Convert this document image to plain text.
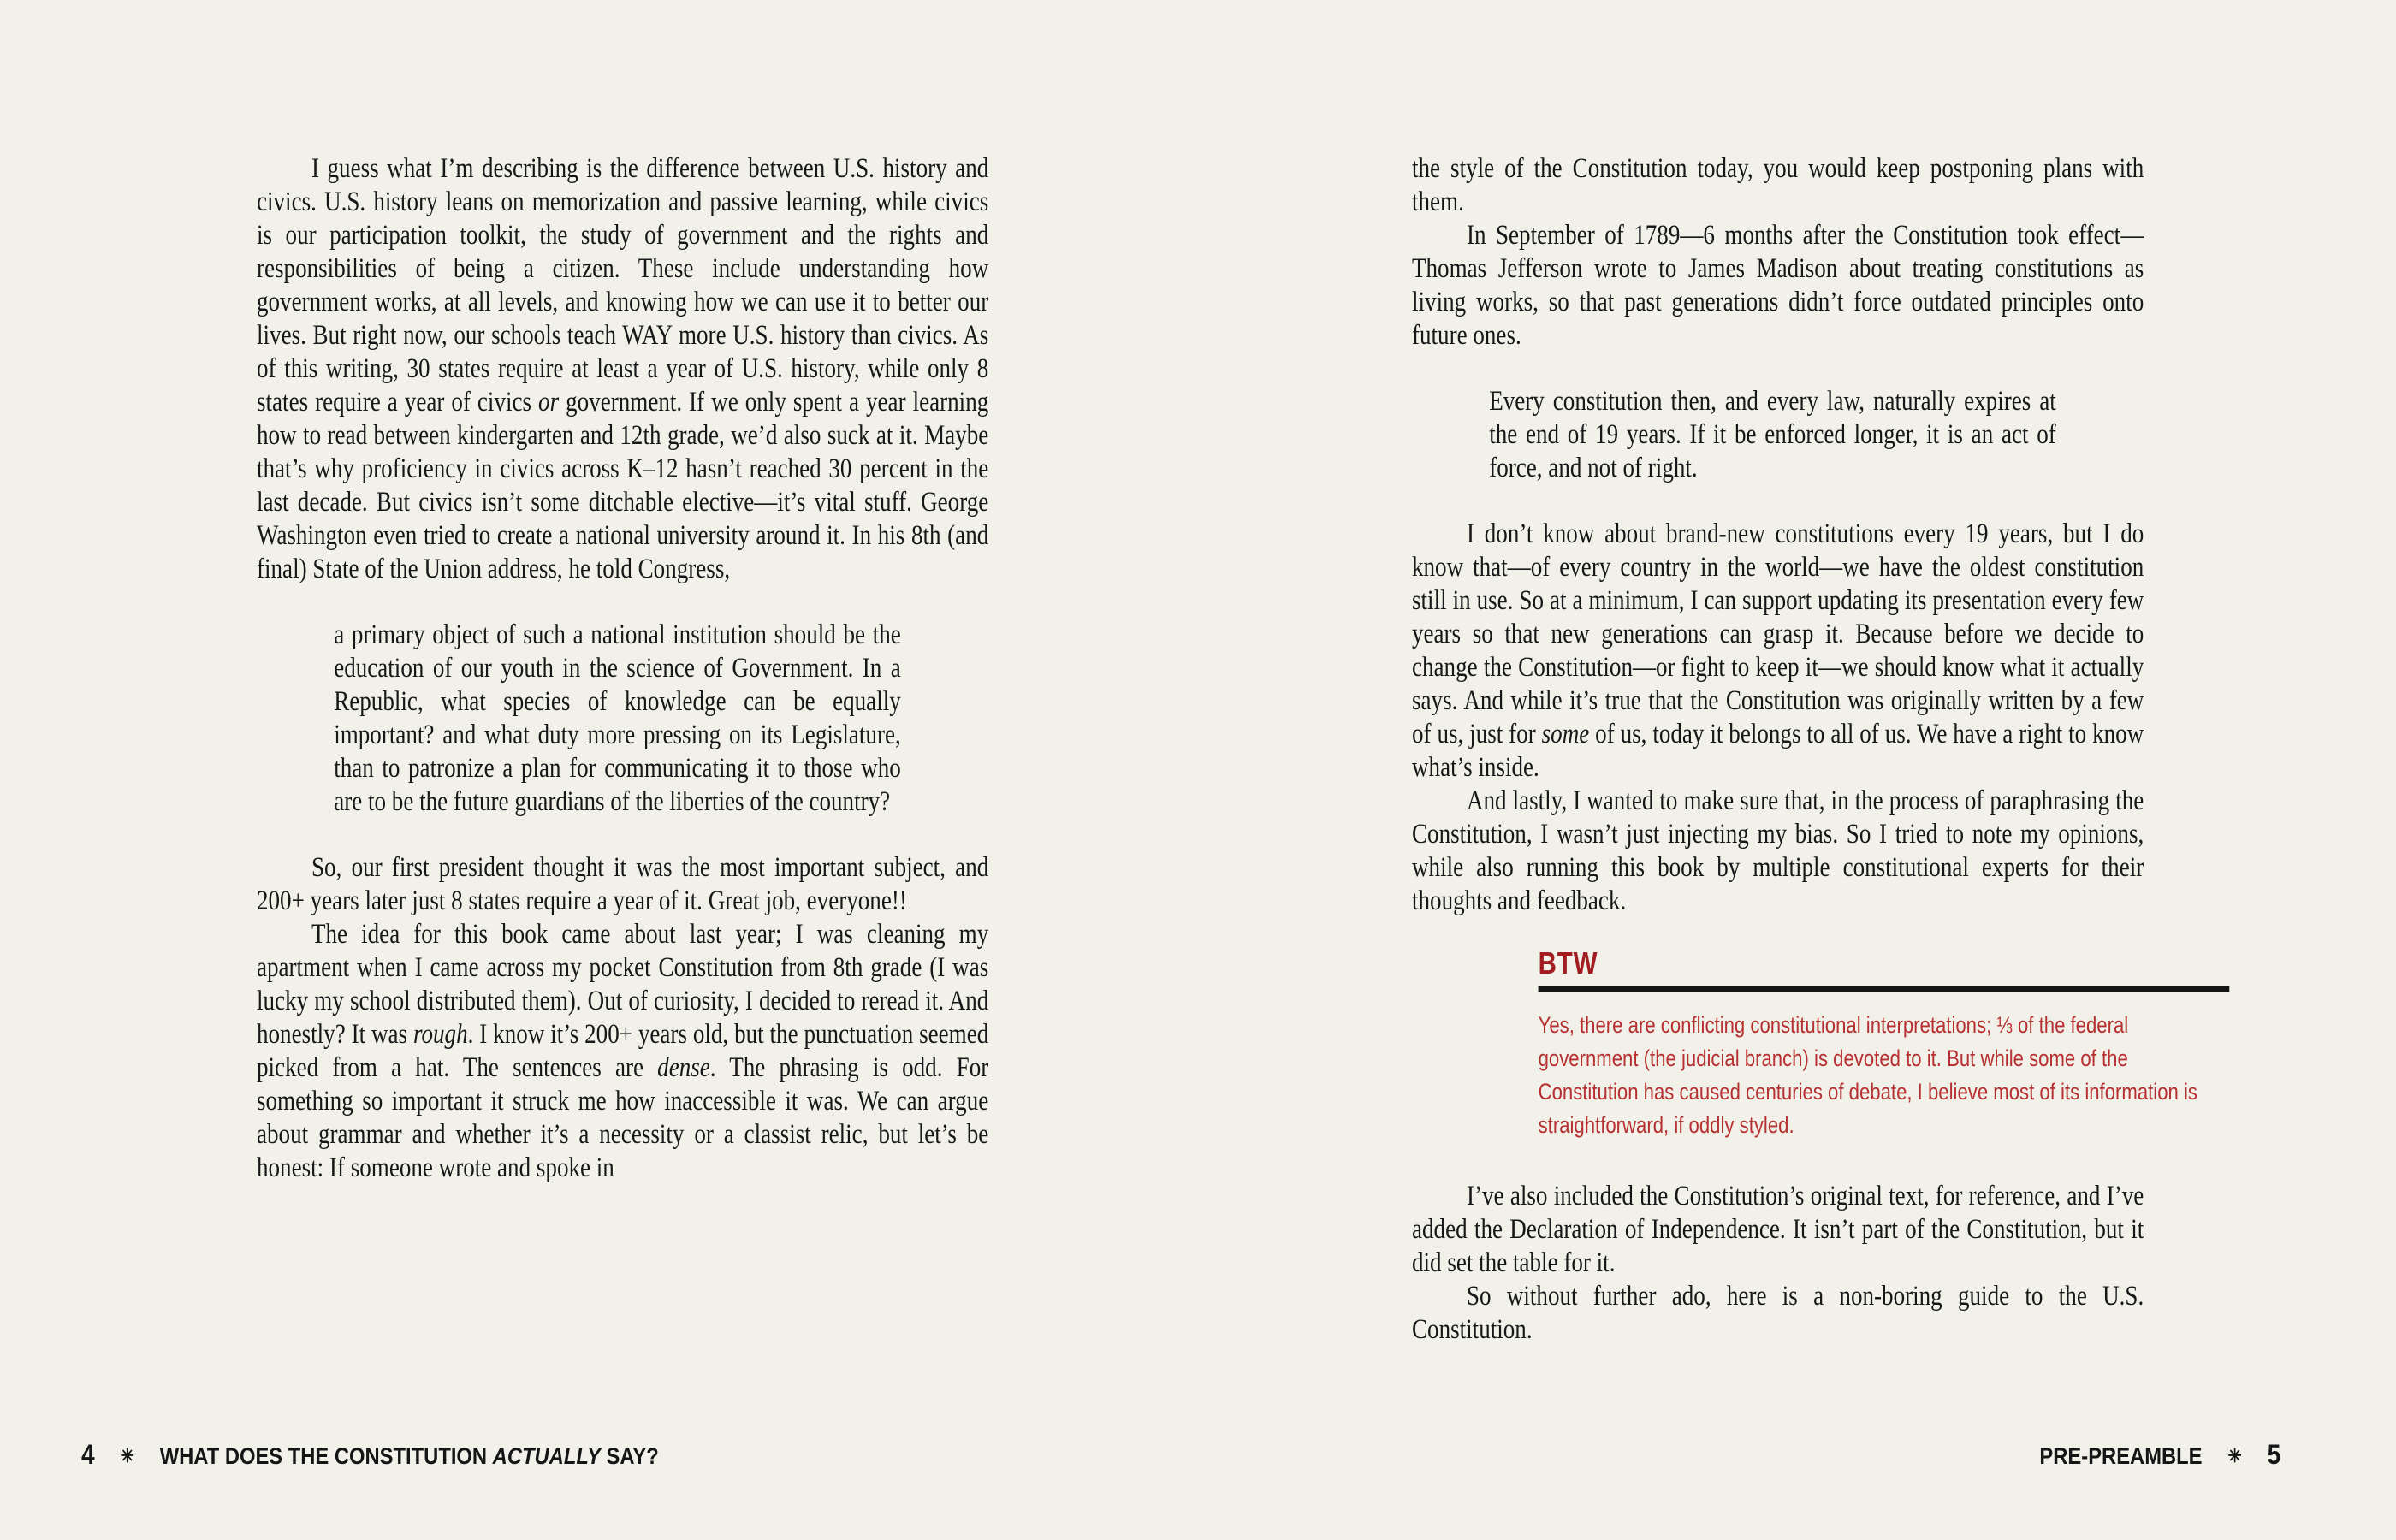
I guess what I’m describing is the difference between U.S. history and civics. U.S. history leans on memorization and passive learning, while civics is our participation toolkit, the study of government and the rights and responsibilities of being a citizen. These include understanding how government works, at all levels, and knowing how we can use it to better our lives. But right now, our schools teach WAY more U.S. history than civics. As of this writing, 30 states require at least a year of U.S. history, while only 8 states require a year of civics or government. If we only spent a year learning how to read between kindergarten and 12th grade, we’d also suck at it. Maybe that’s why proficiency in civics across K–12 hasn’t reached 30 percent in the last decade. But civics isn’t some ditchable elective—it’s vital stuff. George Washington even tried to create a national university around it. In his 8th (and final) State of the Union address, he told Congress,

a primary object of such a national institution should be the education of our youth in the science of Government. In a Republic, what species of knowledge can be equally important? and what duty more pressing on its Legislature, than to patronize a plan for communicating it to those who are to be the future guardians of the liberties of the country?

So, our first president thought it was the most important subject, and 200+ years later just 8 states require a year of it. Great job, everyone!!

The idea for this book came about last year; I was cleaning my apartment when I came across my pocket Constitution from 8th grade (I was lucky my school distributed them). Out of curiosity, I decided to reread it. And honestly? It was rough. I know it’s 200+ years old, but the punctuation seemed picked from a hat. The sentences are dense. The phrasing is odd. For something so important it struck me how inaccessible it was. We can argue about grammar and whether it’s a necessity or a classist relic, but let’s be honest: If someone wrote and spoke in

the style of the Constitution today, you would keep postponing plans with them.

In September of 1789—6 months after the Constitution took effect—Thomas Jefferson wrote to James Madison about treating constitutions as living works, so that past generations didn’t force outdated principles onto future ones.

Every constitution then, and every law, naturally expires at the end of 19 years. If it be enforced longer, it is an act of force, and not of right.

I don’t know about brand-new constitutions every 19 years, but I do know that—of every country in the world—we have the oldest constitution still in use. So at a minimum, I can support updating its presentation every few years so that new generations can grasp it. Because before we decide to change the Constitution—or fight to keep it—we should know what it actually says. And while it’s true that the Constitution was originally written by a few of us, just for some of us, today it belongs to all of us. We have a right to know what’s inside.

And lastly, I wanted to make sure that, in the process of paraphrasing the Constitution, I wasn’t just injecting my bias. So I tried to note my opinions, while also running this book by multiple constitutional experts for their thoughts and feedback.

BTW
Yes, there are conflicting constitutional interpretations; ⅓ of the federal government (the judicial branch) is devoted to it. But while some of the Constitution has caused centuries of debate, I believe most of its information is straightforward, if oddly styled.

I’ve also included the Constitution’s original text, for reference, and I’ve added the Declaration of Independence. It isn’t part of the Constitution, but it did set the table for it.

So without further ado, here is a non-boring guide to the U.S. Constitution.

4 ✳ WHAT DOES THE CONSTITUTION ACTUALLY SAY?	PRE-PREAMBLE ✳ 5
